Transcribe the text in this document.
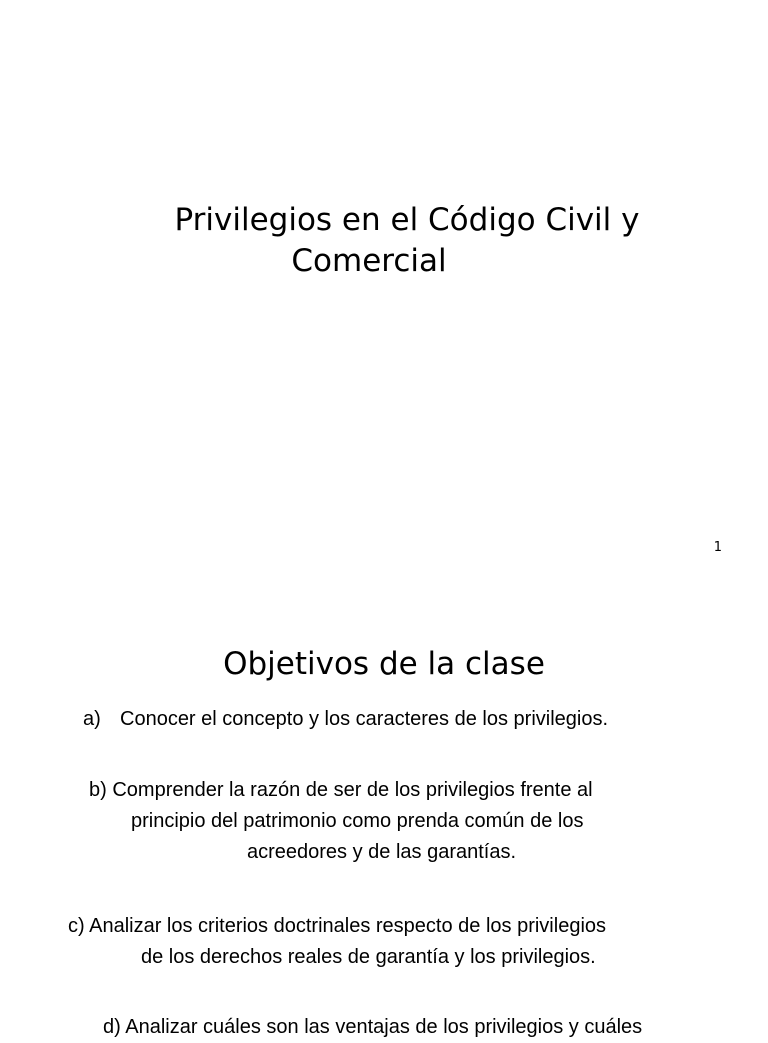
Privilegios en el Código Civil y
Comercial
1
Objetivos de la clase
a) Conocer el concepto y los caracteres de los privilegios.
b) Comprender la razón de ser de los privilegios frente al
principio del patrimonio como prenda común de los
acreedores y de las garantías.
c) Analizar los criterios doctrinales respecto de los privilegios
de los derechos reales de garantía y los privilegios.
d) Analizar cuáles son las ventajas de los privilegios y cuáles
